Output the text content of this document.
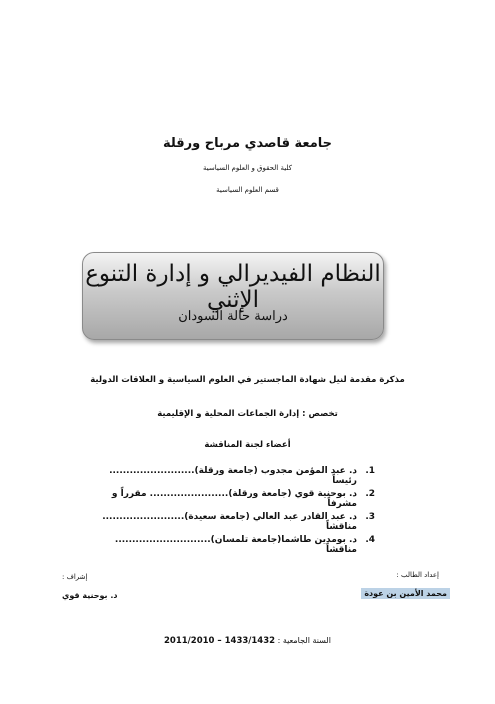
جامعة قاصدي مرباح ورقلة
كلية الحقوق و العلوم السياسية
قسم العلوم السياسية
النظام الفيديرالي و إدارة التنوع الإثني
دراسة حالة السودان
مذكرة مقدمة لنيل شهادة الماجستير في العلوم السياسية و العلاقات الدولية
تخصص : إدارة الجماعات المحلية و الإقليمية
أعضاء لجنة المناقشة
1.
د. عبد المؤمن مجدوب (جامعة ورقلة)......................... رئيساً
2.
د. بوحنية قوي (جامعة ورقلة)....................... مقرراً و مشرفاً
3.
د. عبد القادر عبد العالي (جامعة سعيدة)........................ مناقشاً
4.
د. بومدين طاشما(جامعة تلمسان)............................ مناقشاً
إعداد الطالب :
إشراف :
محمد الأمين بن عودة
د. بوحنية قوي
السنة الجامعية : 1433/1432 – 2011/2010
